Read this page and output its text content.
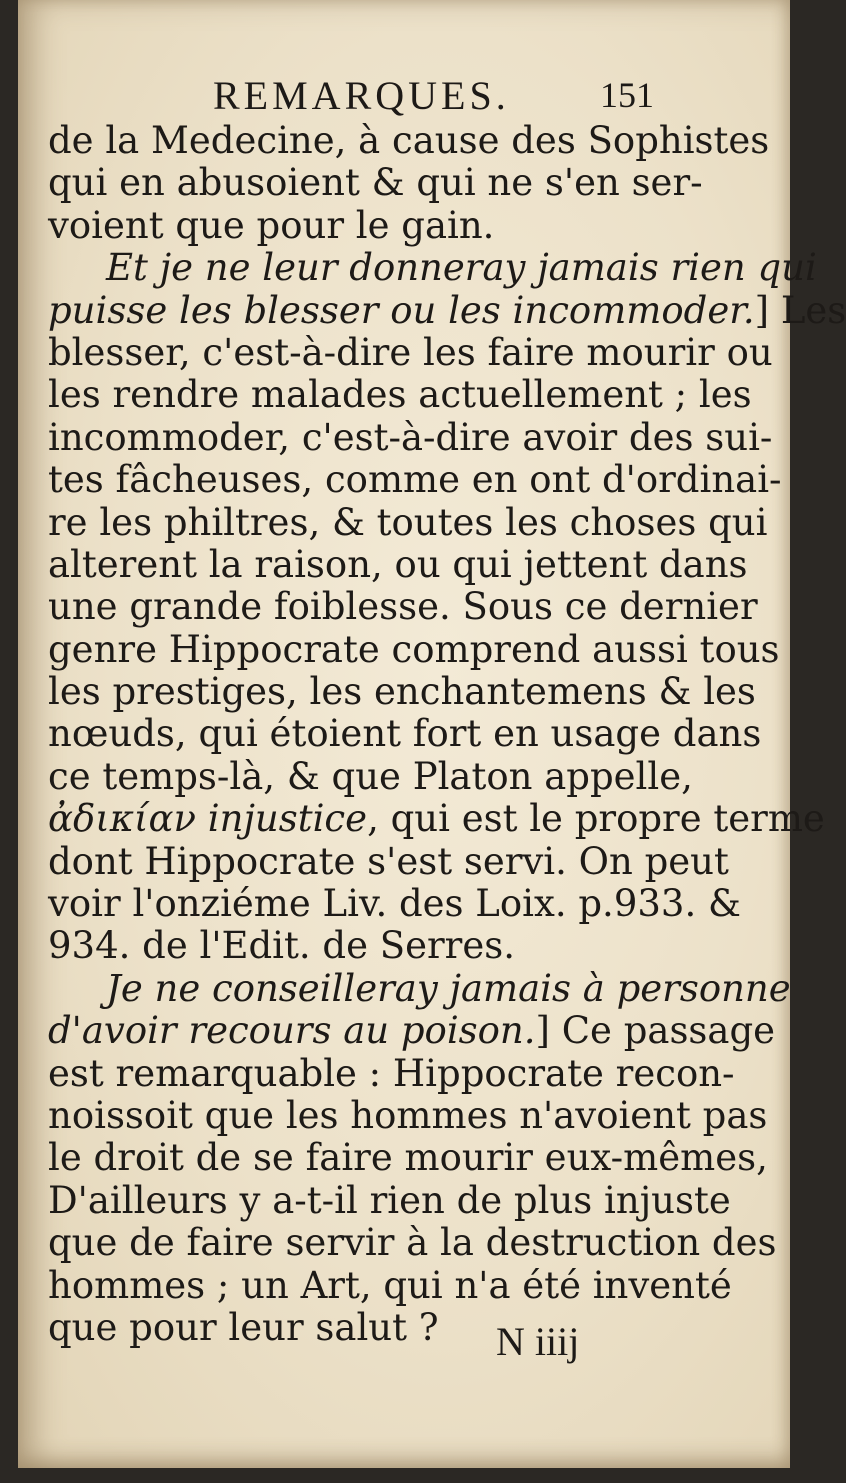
REMARQUES.	151
de la Medecine, à cause des Sophistes
qui en abusoient & qui ne s'en ser-
voient que pour le gain.
Et je ne leur donneray jamais rien qui
puisse les blesser ou les incommoder.] Les
blesser, c'est-à-dire les faire mourir ou
les rendre malades actuellement ; les
incommoder, c'est-à-dire avoir des sui-
tes fâcheuses, comme en ont d'ordinai-
re les philtres, & toutes les choses qui
alterent la raison, ou qui jettent dans
une grande foiblesse. Sous ce dernier
genre Hippocrate comprend aussi tous
les prestiges, les enchantemens & les
nœuds, qui étoient fort en usage dans
ce temps-là, & que Platon appelle,
ἀδικίαν injustice, qui est le propre terme
dont Hippocrate s'est servi. On peut
voir l'onziéme Liv. des Loix. p.933. &
934. de l'Edit. de Serres.
Je ne conseilleray jamais à personne
d'avoir recours au poison.] Ce passage
est remarquable : Hippocrate recon-
noissoit que les hommes n'avoient pas
le droit de se faire mourir eux-mêmes,
D'ailleurs y a-t-il rien de plus injuste
que de faire servir à la destruction des
hommes ; un Art, qui n'a été inventé
que pour leur salut ?	N iiij
